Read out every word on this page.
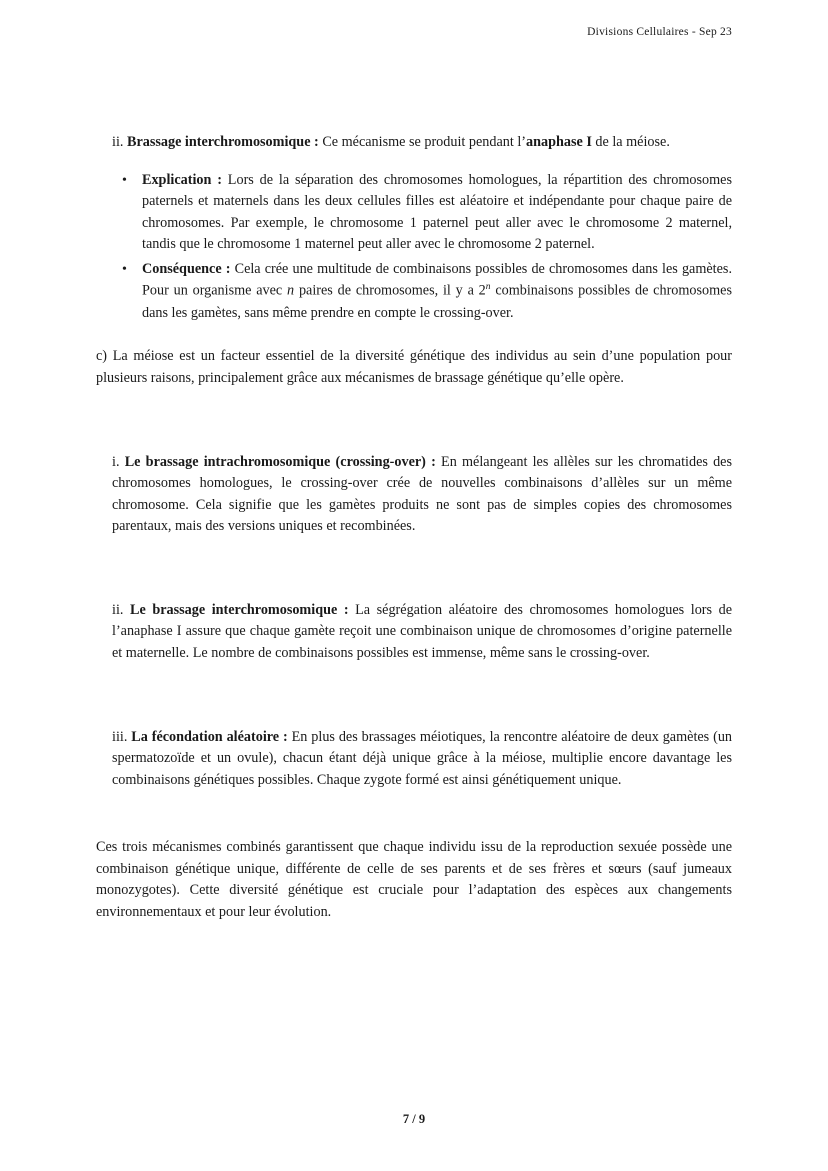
Divisions Cellulaires - Sep 23

ii. Brassage interchromosomique : Ce mécanisme se produit pendant l’anaphase I de la méiose.

• Explication : Lors de la séparation des chromosomes homologues, la répartition des chromosomes paternels et maternels dans les deux cellules filles est aléatoire et indépendante pour chaque paire de chromosomes. Par exemple, le chromosome 1 paternel peut aller avec le chromosome 2 maternel, tandis que le chromosome 1 maternel peut aller avec le chromosome 2 paternel.
• Conséquence : Cela crée une multitude de combinaisons possibles de chromosomes dans les gamètes. Pour un organisme avec n paires de chromosomes, il y a 2$^n$ combinaisons possibles de chromosomes dans les gamètes, sans même prendre en compte le crossing-over.

c) La méiose est un facteur essentiel de la diversité génétique des individus au sein d’une population pour plusieurs raisons, principalement grâce aux mécanismes de brassage génétique qu’elle opère.

i. Le brassage intrachromosomique (crossing-over) : En mélangeant les allèles sur les chromatides des chromosomes homologues, le crossing-over crée de nouvelles combinaisons d’allèles sur un même chromosome. Cela signifie que les gamètes produits ne sont pas de simples copies des chromosomes parentaux, mais des versions uniques et recombinées.

ii. Le brassage interchromosomique : La ségrégation aléatoire des chromosomes homologues lors de l’anaphase I assure que chaque gamète reçoit une combinaison unique de chromosomes d’origine paternelle et maternelle. Le nombre de combinaisons possibles est immense, même sans le crossing-over.

iii. La fécondation aléatoire : En plus des brassages méiotiques, la rencontre aléatoire de deux gamètes (un spermatozoïde et un ovule), chacun étant déjà unique grâce à la méiose, multiplie encore davantage les combinaisons génétiques possibles. Chaque zygote formé est ainsi génétiquement unique.

Ces trois mécanismes combinés garantissent que chaque individu issu de la reproduction sexuée possède une combinaison génétique unique, différente de celle de ses parents et de ses frères et sœurs (sauf jumeaux monozygotes). Cette diversité génétique est cruciale pour l’adaptation des espèces aux changements environnementaux et pour leur évolution.

7 / 9
